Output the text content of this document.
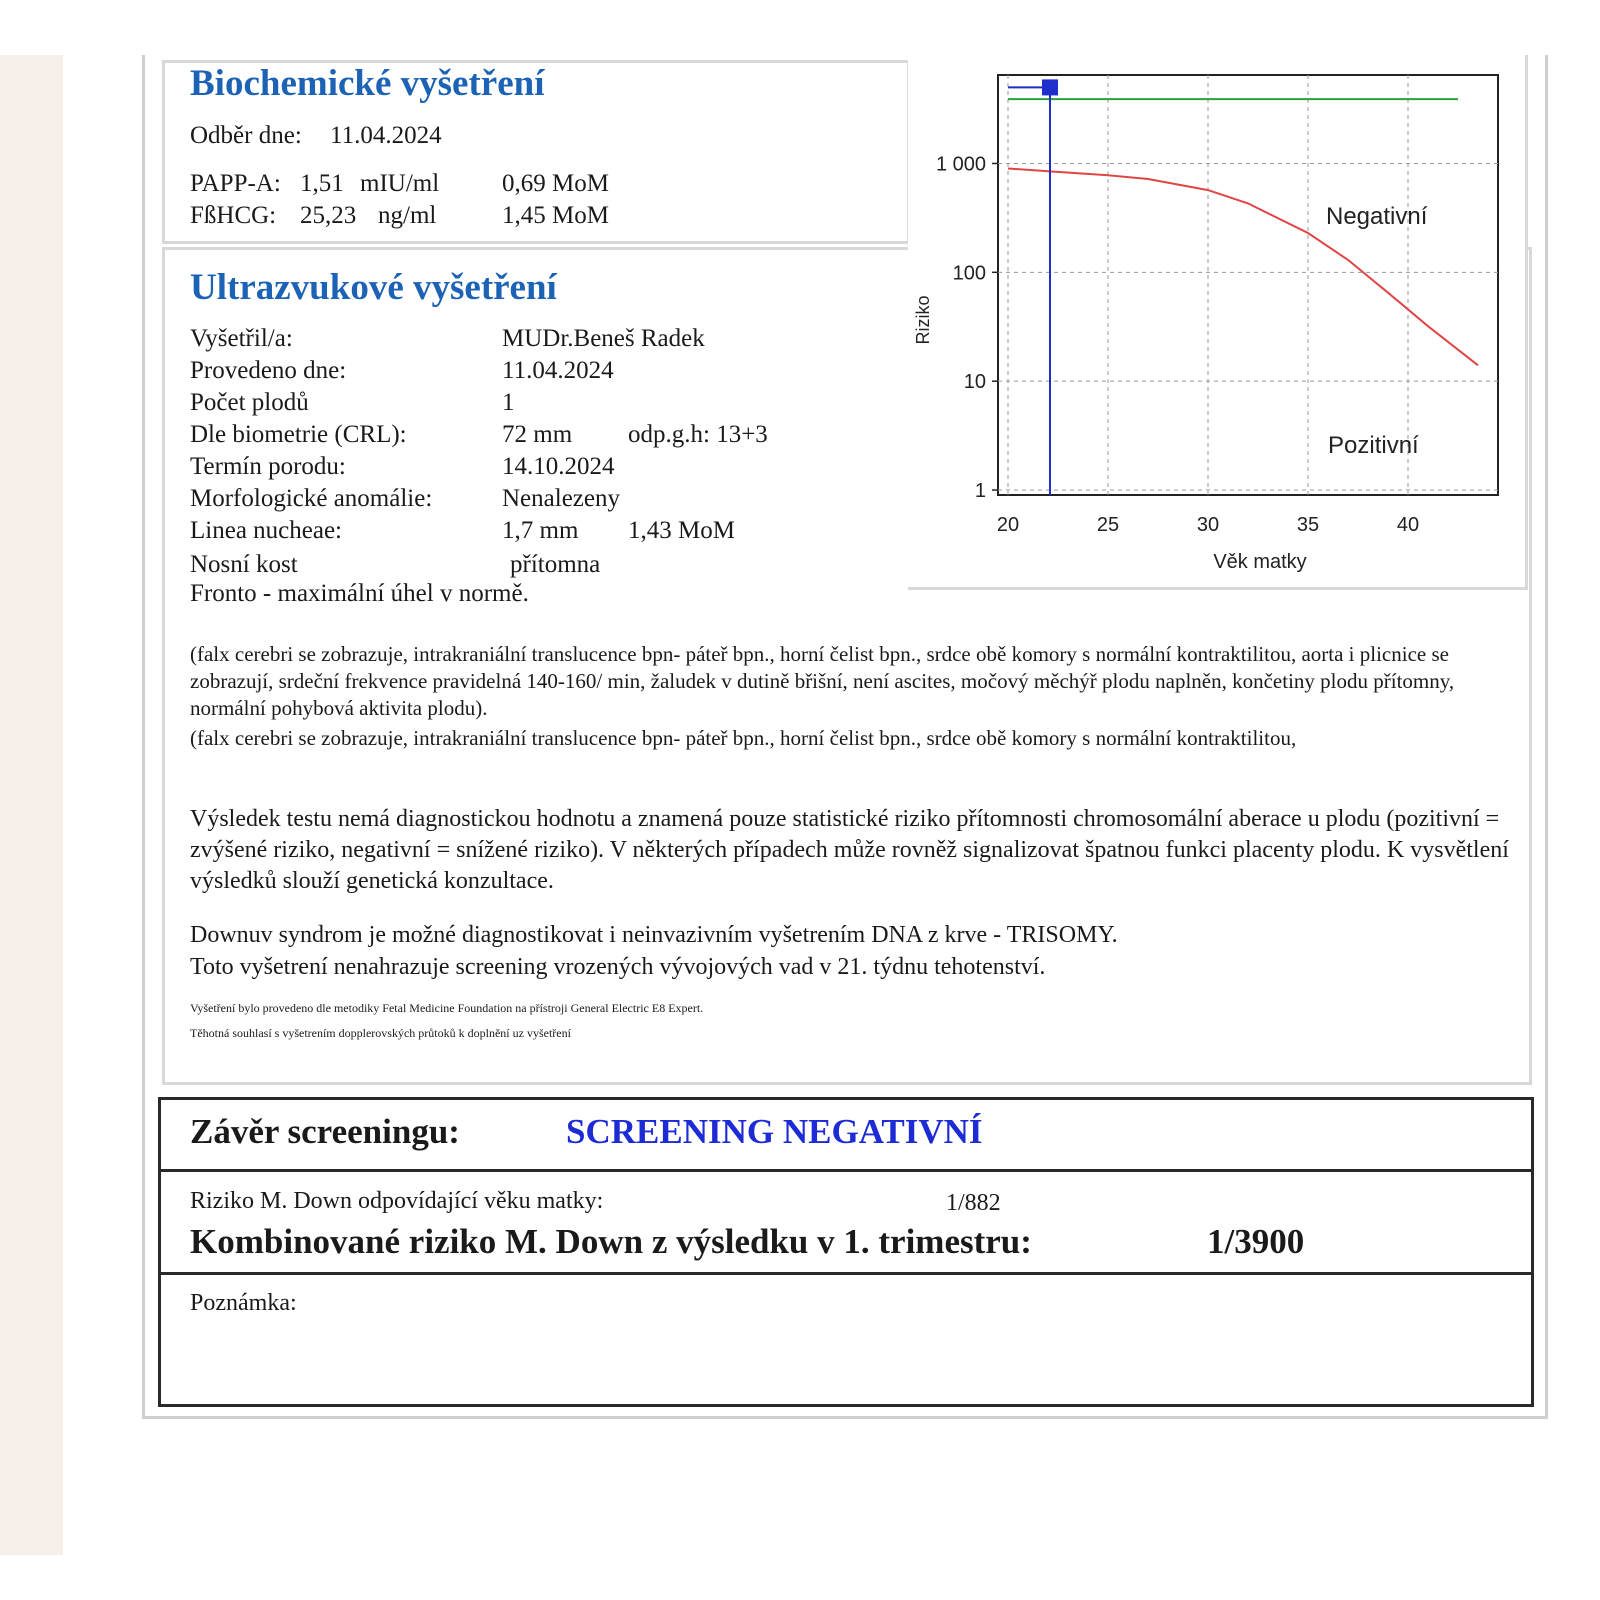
Biochemické vyšetření
Odběr dne: 11.04.2024
PAPP-A: 1,51 mIU/ml	0,69 MoM
FßHCG: 25,23 ng/ml	1,45 MoM
20	25	30	35	40
1
10
100
1 000
Riziko
Věk matky
Negativní
Pozitivní
Ultrazvukové vyšetření
Vyšetřil/a:	MUDr.Beneš Radek
Provedeno dne:	11.04.2024
Počet plodů	1
Dle biometrie (CRL):	72 mm odp.g.h: 13+3
Termín porodu:	14.10.2024
Morfologické anomálie:	Nenalezeny
Linea nucheae:	1,7 mm 1,43 MoM
Nosní kost	přítomna
Fronto - maximální úhel v normě.
(falx cerebri se zobrazuje, intrakraniální translucence bpn- páteř bpn., horní čelist bpn., srdce obě komory s normální kontraktilitou, aorta i plicnice se zobrazují, srdeční frekvence pravidelná 140-160/ min, žaludek v dutině břišní, není ascites, močový měchýř plodu naplněn, končetiny plodu přítomny, normální pohybová aktivita plodu).
(falx cerebri se zobrazuje, intrakraniální translucence bpn- páteř bpn., horní čelist bpn., srdce obě komory s normální kontraktilitou,
Výsledek testu nemá diagnostickou hodnotu a znamená pouze statistické riziko přítomnosti chromosomální aberace u plodu (pozitivní = zvýšené riziko, negativní = snížené riziko). V některých případech může rovněž signalizovat špatnou funkci placenty plodu. K vysvětlení výsledků slouží genetická konzultace.
Downuv syndrom je možné diagnostikovat i neinvazivním vyšetrením DNA z krve - TRISOMY.
Toto vyšetrení nenahrazuje screening vrozených vývojových vad v 21. týdnu tehotenství.
Vyšetření bylo provedeno dle metodiky Fetal Medicine Foundation na přístroji General Electric E8 Expert.
Těhotná souhlasí s vyšetrením dopplerovských průtoků k doplnění uz vyšetření
Závěr screeningu:	SCREENING NEGATIVNÍ
Riziko M. Down odpovídající věku matky:	1/882
Kombinované riziko M. Down z výsledku v 1. trimestru:	1/3900
Poznámka:
